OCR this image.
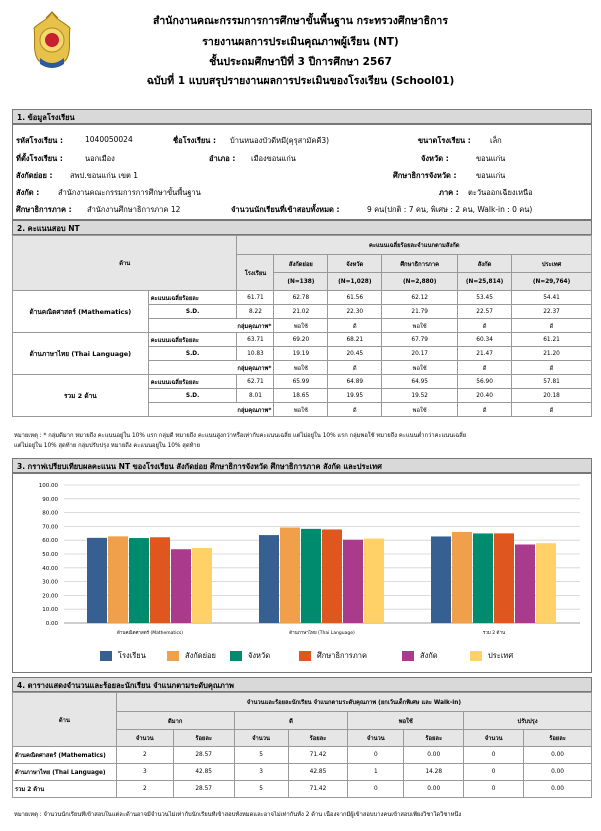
สำนักงานคณะกรรมการการศึกษาขั้นพื้นฐาน กระทรวงศึกษาธิการ
รายงานผลการประเมินคุณภาพผู้เรียน (NT)
ชั้นประถมศึกษาปีที่ 3 ปีการศึกษา 2567
ฉบับที่ 1 แบบสรุปรายงานผลการประเมินของโรงเรียน (School01)
1. ข้อมูลโรงเรียน
รหัสโรงเรียน :	1040050024	ชื่อโรงเรียน : บ้านหนองบัวดีหมี(ฺคุรุสามัคคี3)	ขนาดโรงเรียน :	เล็ก
ที่ตั้งโรงเรียน :	นอกเมือง	อำเภอ : เมืองขอนแก่น	จังหวัด :	ขอนแก่น
สังกัดย่อย : สพป.ขอนแก่น เขต 1	ศึกษาธิการจังหวัด :	ขอนแก่น
สังกัด : สำนักงานคณะกรรมการการศึกษาขั้นพื้นฐาน	ภาค : ตะวันออกเฉียงเหนือ
ศึกษาธิการภาค : สำนักงานศึกษาธิการภาค 12	จำนวนนักเรียนที่เข้าสอบทั้งหมด :	9 คน(ปกติ : 7 คน, พิเศษ : 2 คน, Walk-in : 0 คน)
2. คะแนนสอบ NT
ด้าน		คะแนนเฉลี่ยร้อยละจำแนกตามสังกัด					
		โรงเรียน	สังกัดย่อย	จังหวัด	ศึกษาธิการภาค	สังกัด	ประเทศ
			(N=138)	(N=1,028)	(N=2,880)	(N=25,814)	(N=29,764)
ด้านคณิตศาสตร์ (Mathematics)	คะแนนเฉลี่ยร้อยละ	61.71	62.78	61.56	62.12	53.45	54.41
	S.D.	8.22	21.02	22.30	21.79	22.57	22.37
	กลุ่มคุณภาพ*		พอใช้	ดี	พอใช้	ดี	ดี
ด้านภาษาไทย (Thai Language)	คะแนนเฉลี่ยร้อยละ	63.71	69.20	68.21	67.79	60.34	61.21
	S.D.	10.83	19.19	20.45	20.17	21.47	21.20
	กลุ่มคุณภาพ*		พอใช้	ดี	พอใช้	ดี	ดี
รวม 2 ด้าน	คะแนนเฉลี่ยร้อยละ	62.71	65.99	64.89	64.95	56.90	57.81
	S.D.	8.01	18.65	19.95	19.52	20.40	20.18
	กลุ่มคุณภาพ*		พอใช้	ดี	พอใช้	ดี	ดี
หมายเหตุ : * กลุ่มดีมาก หมายถึง คะแนนอยู่ใน 10% แรก กลุ่มดี หมายถึง คะแนนสูงกว่าหรือเท่ากับคะแนนเฉลี่ย แต่ไม่อยู่ใน 10% แรก กลุ่มพอใช้ หมายถึง คะแนนต่ำกว่าคะแนนเฉลี่ย
แต่ไม่อยู่ใน 10% สุดท้าย กลุ่มปรับปรุง หมายถึง คะแนนอยู่ใน 10% สุดท้าย
3. กราฟเปรียบเทียบผลคะแนน NT ของโรงเรียน สังกัดย่อย ศึกษาธิการจังหวัด ศึกษาธิการภาค สังกัด และประเทศ
0.00
10.00
20.00
30.00
40.00
50.00
60.00
70.00
80.00
90.00
100.00
ด้านคณิตศาสตร์ (Mathematics)	ด้านภาษาไทย (Thai Language)	รวม 2 ด้าน
โรงเรียน	สังกัดย่อย	จังหวัด	ศึกษาธิการภาค	สังกัด	ประเทศ
4. ตารางแสดงจำนวนและร้อยละนักเรียน จำแนกตามระดับคุณภาพ
ด้าน	จำนวนและร้อยละนักเรียน จำแนกตามระดับคุณภาพ (ยกเว้นเด็กพิเศษ และ Walk-in)							
	ดีมาก		ดี		พอใช้		ปรับปรุง	
	จำนวน	ร้อยละ	จำนวน	ร้อยละ	จำนวน	ร้อยละ	จำนวน	ร้อยละ
ด้านคณิตศาสตร์ (Mathematics)	2	28.57	5	71.42	0	0.00	0	0.00
ด้านภาษาไทย (Thai Language)	3	42.85	3	42.85	1	14.28	0	0.00
รวม 2 ด้าน	2	28.57	5	71.42	0	0.00	0	0.00
หมายเหตุ : จำนวนนักเรียนที่เข้าสอบในแต่ละด้านอาจมีจำนวนไม่เท่ากับนักเรียนที่เข้าสอบทั้งหมดและอาจไม่เท่ากันทั้ง 2 ด้าน เนื่องจากมีผู้เข้าสอบบางคนเข้าสอบเพียงวิชาใดวิชาหนึ่ง
